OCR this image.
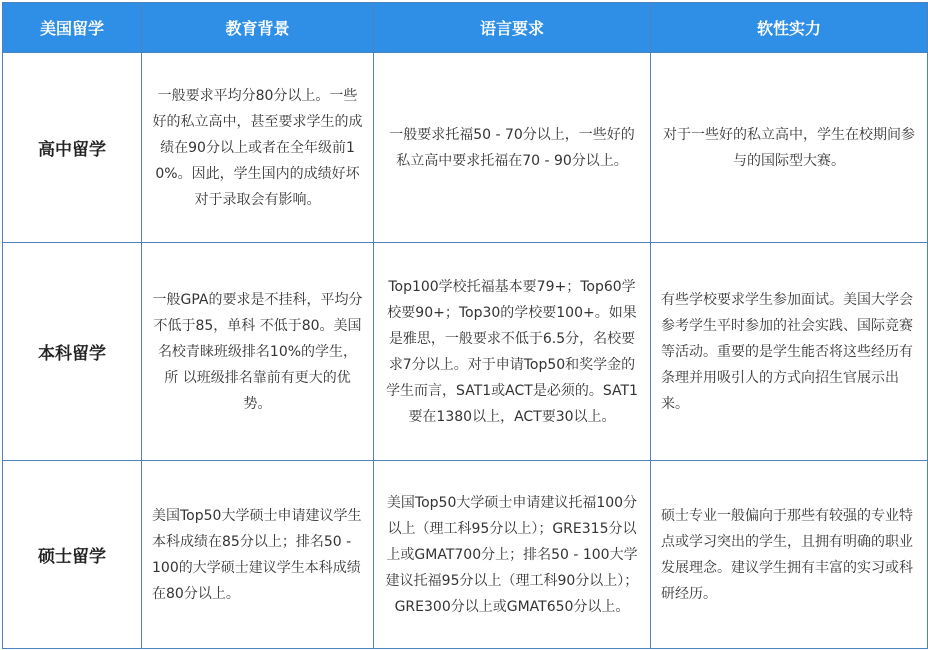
美国留学	教育背景	语言要求	软性实力
高中留学	一般要求平均分80分以上。一些好的私立高中，甚至要求学生的成绩在90分以上或者在全年级前10%。因此，学生国内的成绩好坏对于录取会有影响。	一般要求托福50 - 70分以上，一些好的私立高中要求托福在70 - 90分以上。	对于一些好的私立高中，学生在校期间参与的国际型大赛。
本科留学	一般GPA的要求是不挂科，平均分不低于85，单科 不低于80。美国名校青睐班级排名10%的学生，所 以班级排名靠前有更大的优势。	Top100学校托福基本要79+；Top60学校要90+；Top30的学校要100+。如果是雅思，一般要求不低于6.5分，名校要求7分以上。对于申请Top50和奖学金的学生而言，SAT1或ACT是必须的。SAT1要在1380以上，ACT要30以上。	有些学校要求学生参加面试。美国大学会参考学生平时参加的社会实践、国际竞赛等活动。重要的是学生能否将这些经历有条理并用吸引人的方式向招生官展示出来。
硕士留学	美国Top50大学硕士申请建议学生本科成绩在85分以上；排名50 - 100的大学硕士建议学生本科成绩在80分以上。	美国Top50大学硕士申请建议托福100分以上（理工科95分以上）；GRE315分以上或GMAT700分上；排名50 - 100大学建议托福95分以上（理工科90分以上）；GRE300分以上或GMAT650分以上。	硕士专业一般偏向于那些有较强的专业特点或学习突出的学生，且拥有明确的职业发展理念。建议学生拥有丰富的实习或科研经历。
